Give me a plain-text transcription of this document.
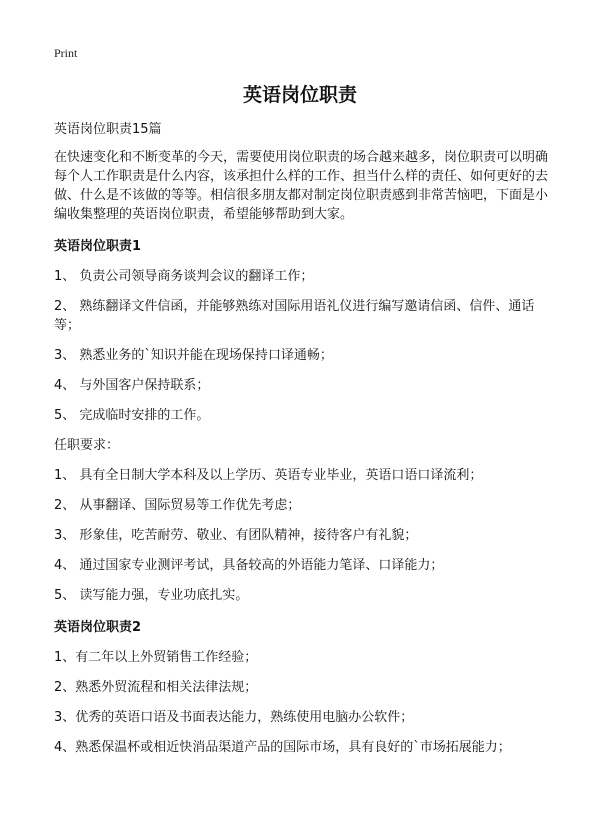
Print
英语岗位职责

英语岗位职责15篇

在快速变化和不断变革的今天，需要使用岗位职责的场合越来越多，岗位职责可以明确每个人工作职责是什么内容，该承担什么样的工作、担当什么样的责任、如何更好的去做、什么是不该做的等等。相信很多朋友都对制定岗位职责感到非常苦恼吧，下面是小编收集整理的英语岗位职责，希望能够帮助到大家。

英语岗位职责1

1、 负责公司领导商务谈判会议的翻译工作；

2、 熟练翻译文件信函，并能够熟练对国际用语礼仪进行编写邀请信函、信件、通话等；

3、 熟悉业务的`知识并能在现场保持口译通畅；

4、 与外国客户保持联系；

5、 完成临时安排的工作。

任职要求：

1、 具有全日制大学本科及以上学历、英语专业毕业，英语口语口译流利；

2、 从事翻译、国际贸易等工作优先考虑；

3、 形象佳，吃苦耐劳、敬业、有团队精神，接待客户有礼貌；

4、 通过国家专业测评考试，具备较高的外语能力笔译、口译能力；

5、 读写能力强，专业功底扎实。

英语岗位职责2

1、有二年以上外贸销售工作经验；

2、熟悉外贸流程和相关法律法规；

3、优秀的英语口语及书面表达能力，熟练使用电脑办公软件；

4、熟悉保温杯或相近快消品渠道产品的国际市场，具有良好的`市场拓展能力；
